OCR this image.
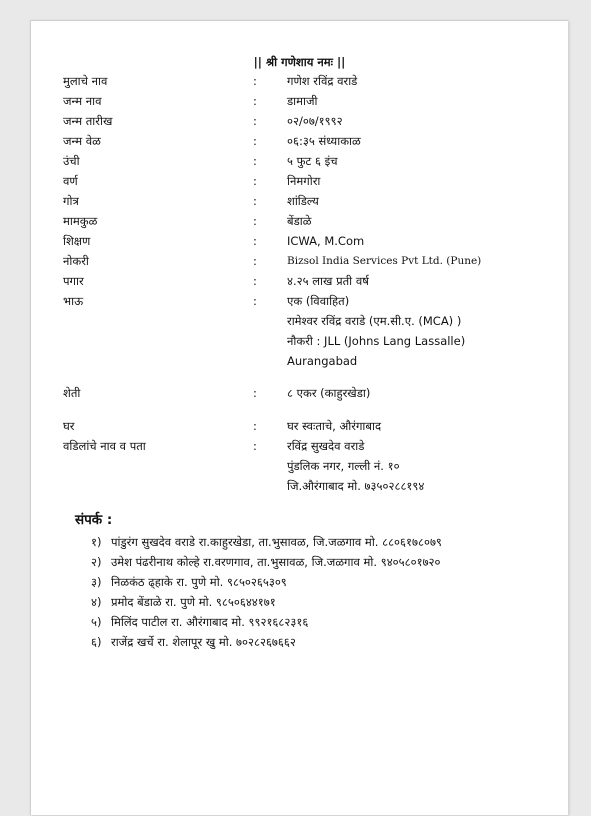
|| श्री गणेशाय नमः ||
मुलाचे नाव	:	गणेश रविंद्र वराडे
जन्म नाव	:	डामाजी
जन्म तारीख	:	०२/०७/१९९२
जन्म वेळ	:	०६:३५ संध्याकाळ
उंची	:	५ फुट ६ इंच
वर्ण	:	निमगोरा
गोत्र	:	शांडिल्य
मामकुळ	:	बेंडाळे
शिक्षण	:	ICWA, M.Com
नोकरी	:	Bizsol India Services Pvt Ltd. (Pune)
पगार	:	४.२५ लाख प्रती वर्ष
भाऊ	:	एक (विवाहित)
रामेश्वर रविंद्र वराडे (एम.सी.ए. (MCA) )
नौकरी : JLL (Johns Lang Lassalle)
Aurangabad
शेती	:	८ एकर (काहुरखेडा)
घर	:	घर स्वःताचे, औरंगाबाद
वडिलांचे नाव व पता	:	रविंद्र सुखदेव वराडे
पुंडलिक नगर, गल्ली नं. १०
जि.औरंगाबाद मो. ७३५०२८८१९४
संपर्क :
१) पांडुरंग सुखदेव वराडे रा.काहुरखेडा, ता.भुसावळ, जि.जळगाव मो. ८८०६१७८०७९
२) उमेश पंढरीनाथ कोल्हे रा.वरणगाव, ता.भुसावळ, जि.जळगाव मो. ९४०५८०१७२०
३) निळकंठ ढ्हाके रा. पुणे मो. ९८५०२६५३०९
४) प्रमोद बेंडाळे रा. पुणे मो. ९८५०६४४१७१
५) मिलिंद पाटील रा. औरंगाबाद मो. ९९२१६८२३१६
६) राजेंद्र खर्चे रा. शेलापूर खु मो. ७०२८२६७६६२
